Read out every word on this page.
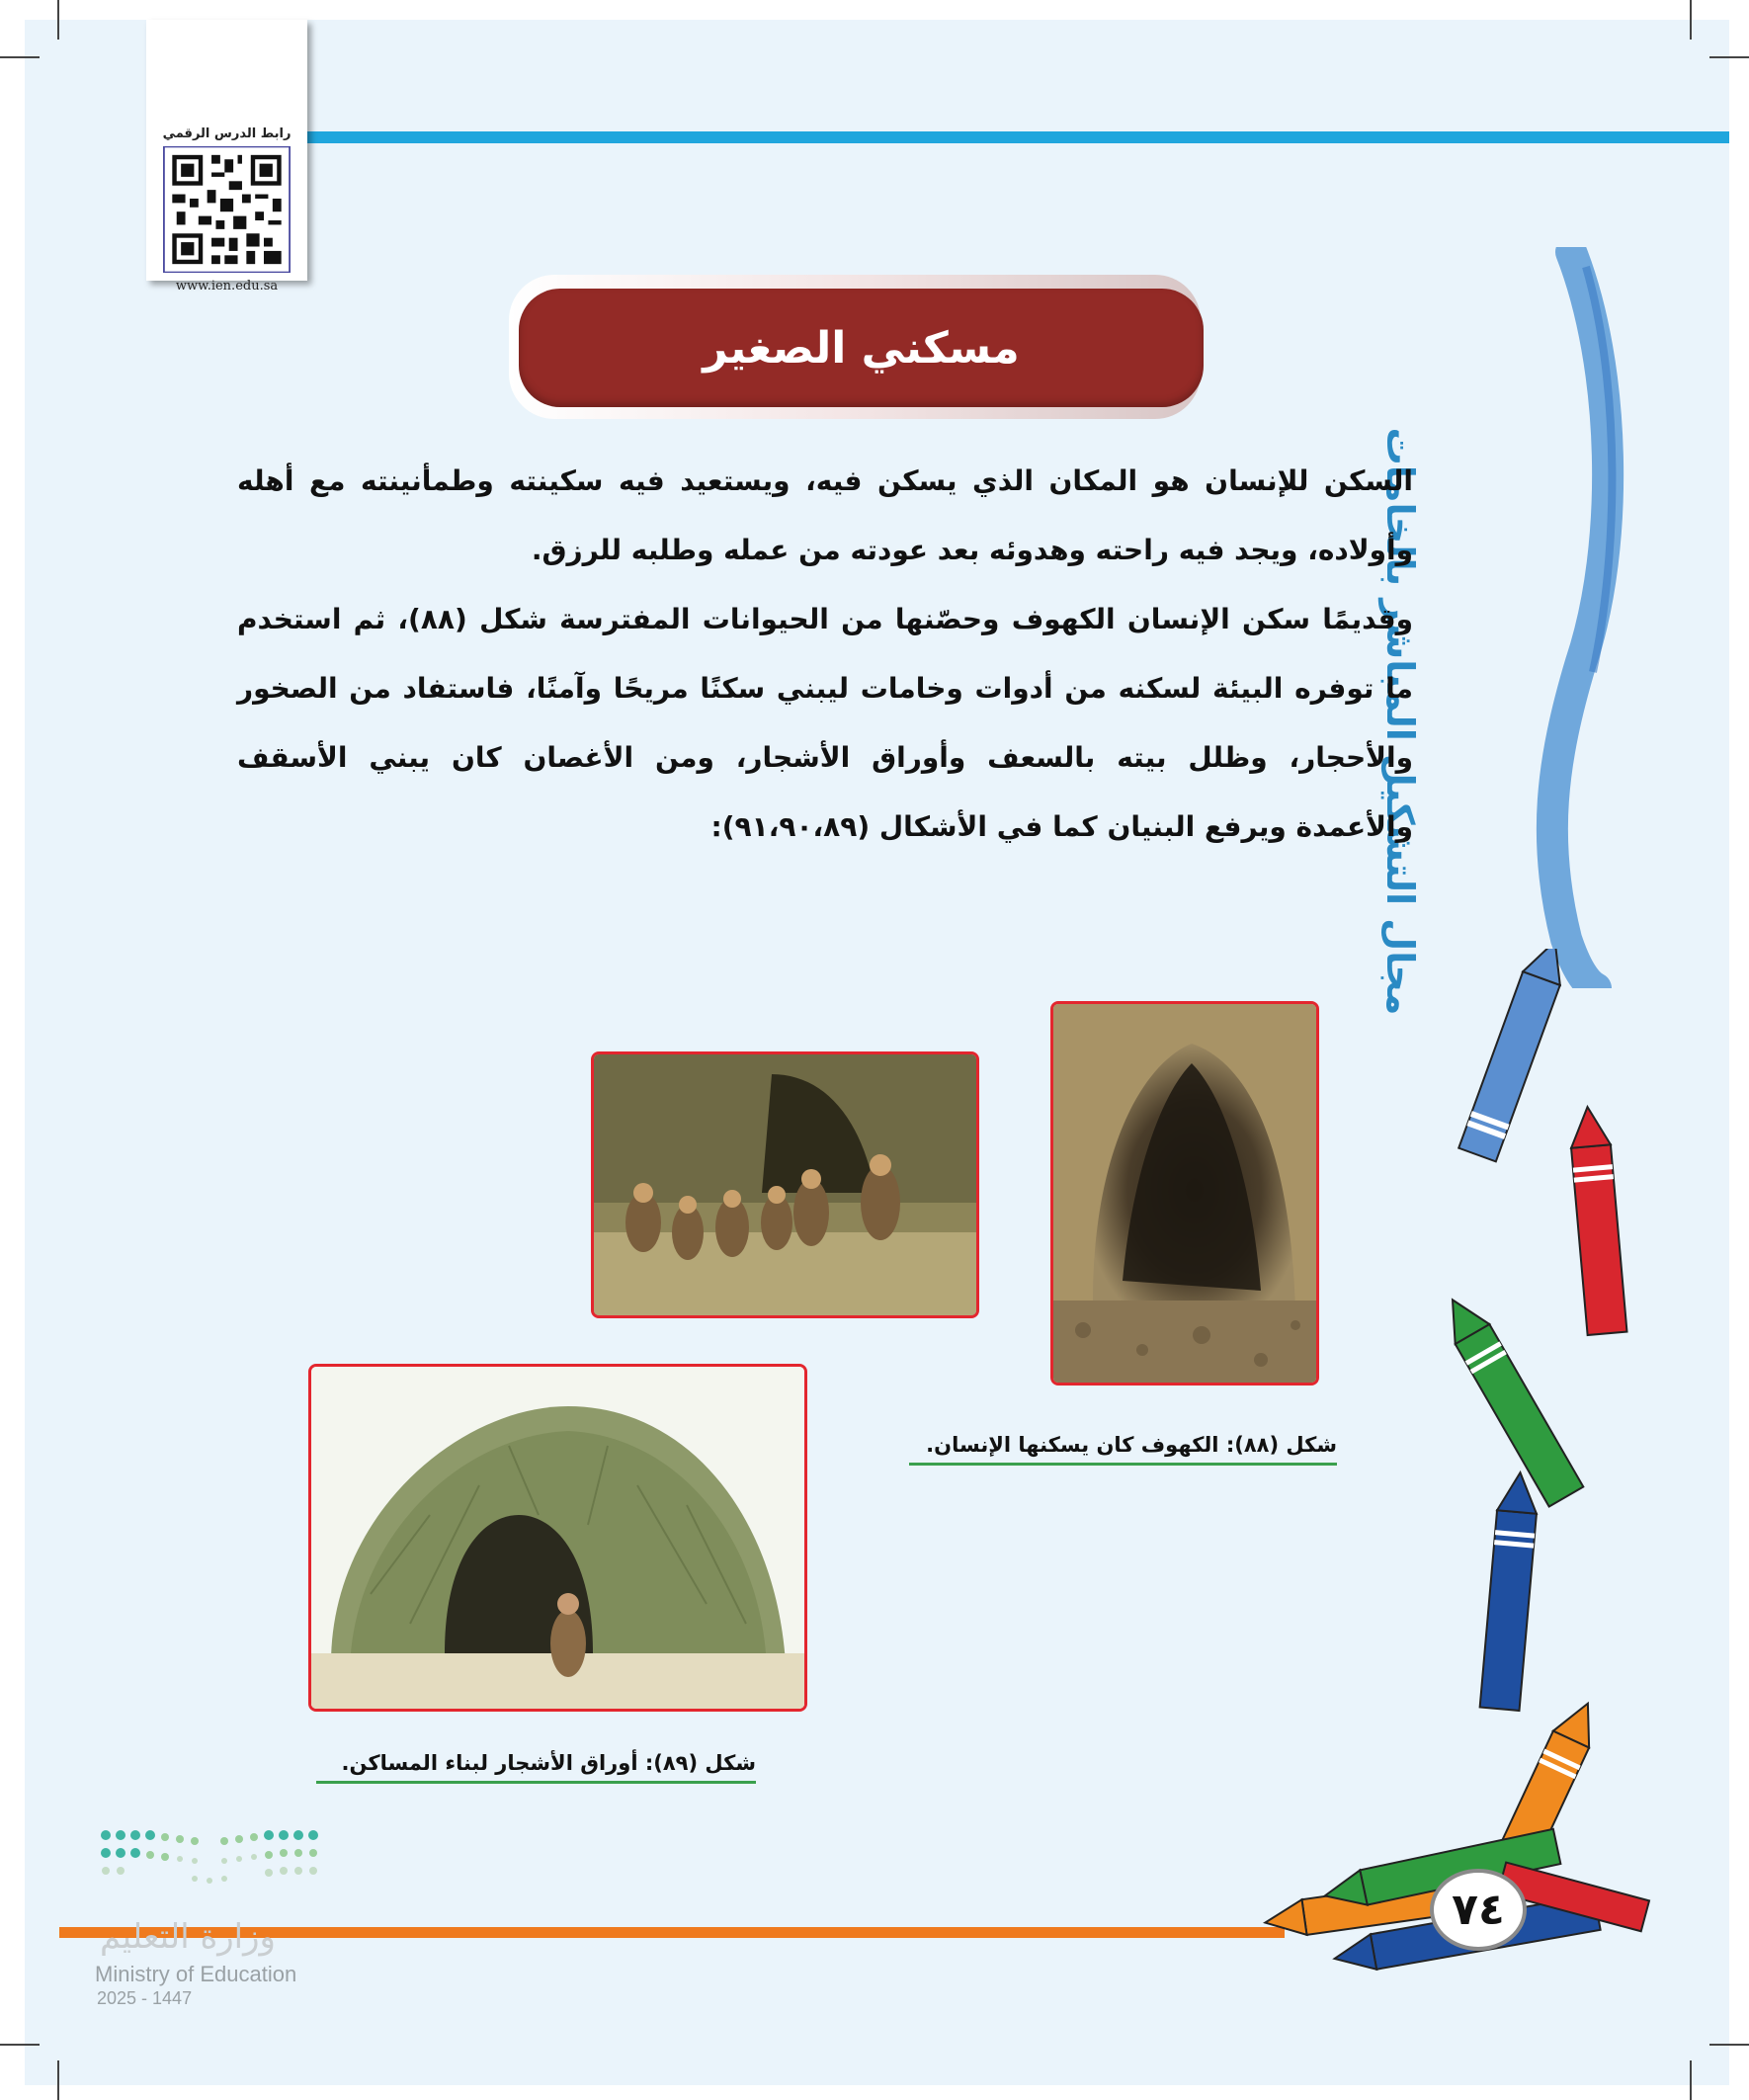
رابط الدرس الرقمي
www.ien.edu.sa
مسكني الصغير
مجال التشكيل المباشر بالخامات

السكن للإنسان هو المكان الذي يسكن فيه، ويستعيد فيه سكينته وطمأنينته مع أهله وأولاده، ويجد فيه راحته وهدوئه بعد عودته من عمله وطلبه للرزق.

وقديمًا سكن الإنسان الكهوف وحصّنها من الحيوانات المفترسة شكل (٨٨)، ثم استخدم ما توفره البيئة لسكنه من أدوات وخامات ليبني سكنًا مريحًا وآمنًا، فاستفاد من الصخور والأحجار، وظلل بيته بالسعف وأوراق الأشجار، ومن الأغصان كان يبني الأسقف والأعمدة ويرفع البنيان كما في الأشكال (٩١،٩٠،٨٩):

شكل (٨٨): الكهوف كان يسكنها الإنسان.
شكل (٨٩): أوراق الأشجار لبناء المساكن.
٧٤
وزارة التعليم
Ministry of Education
2025 - 1447
